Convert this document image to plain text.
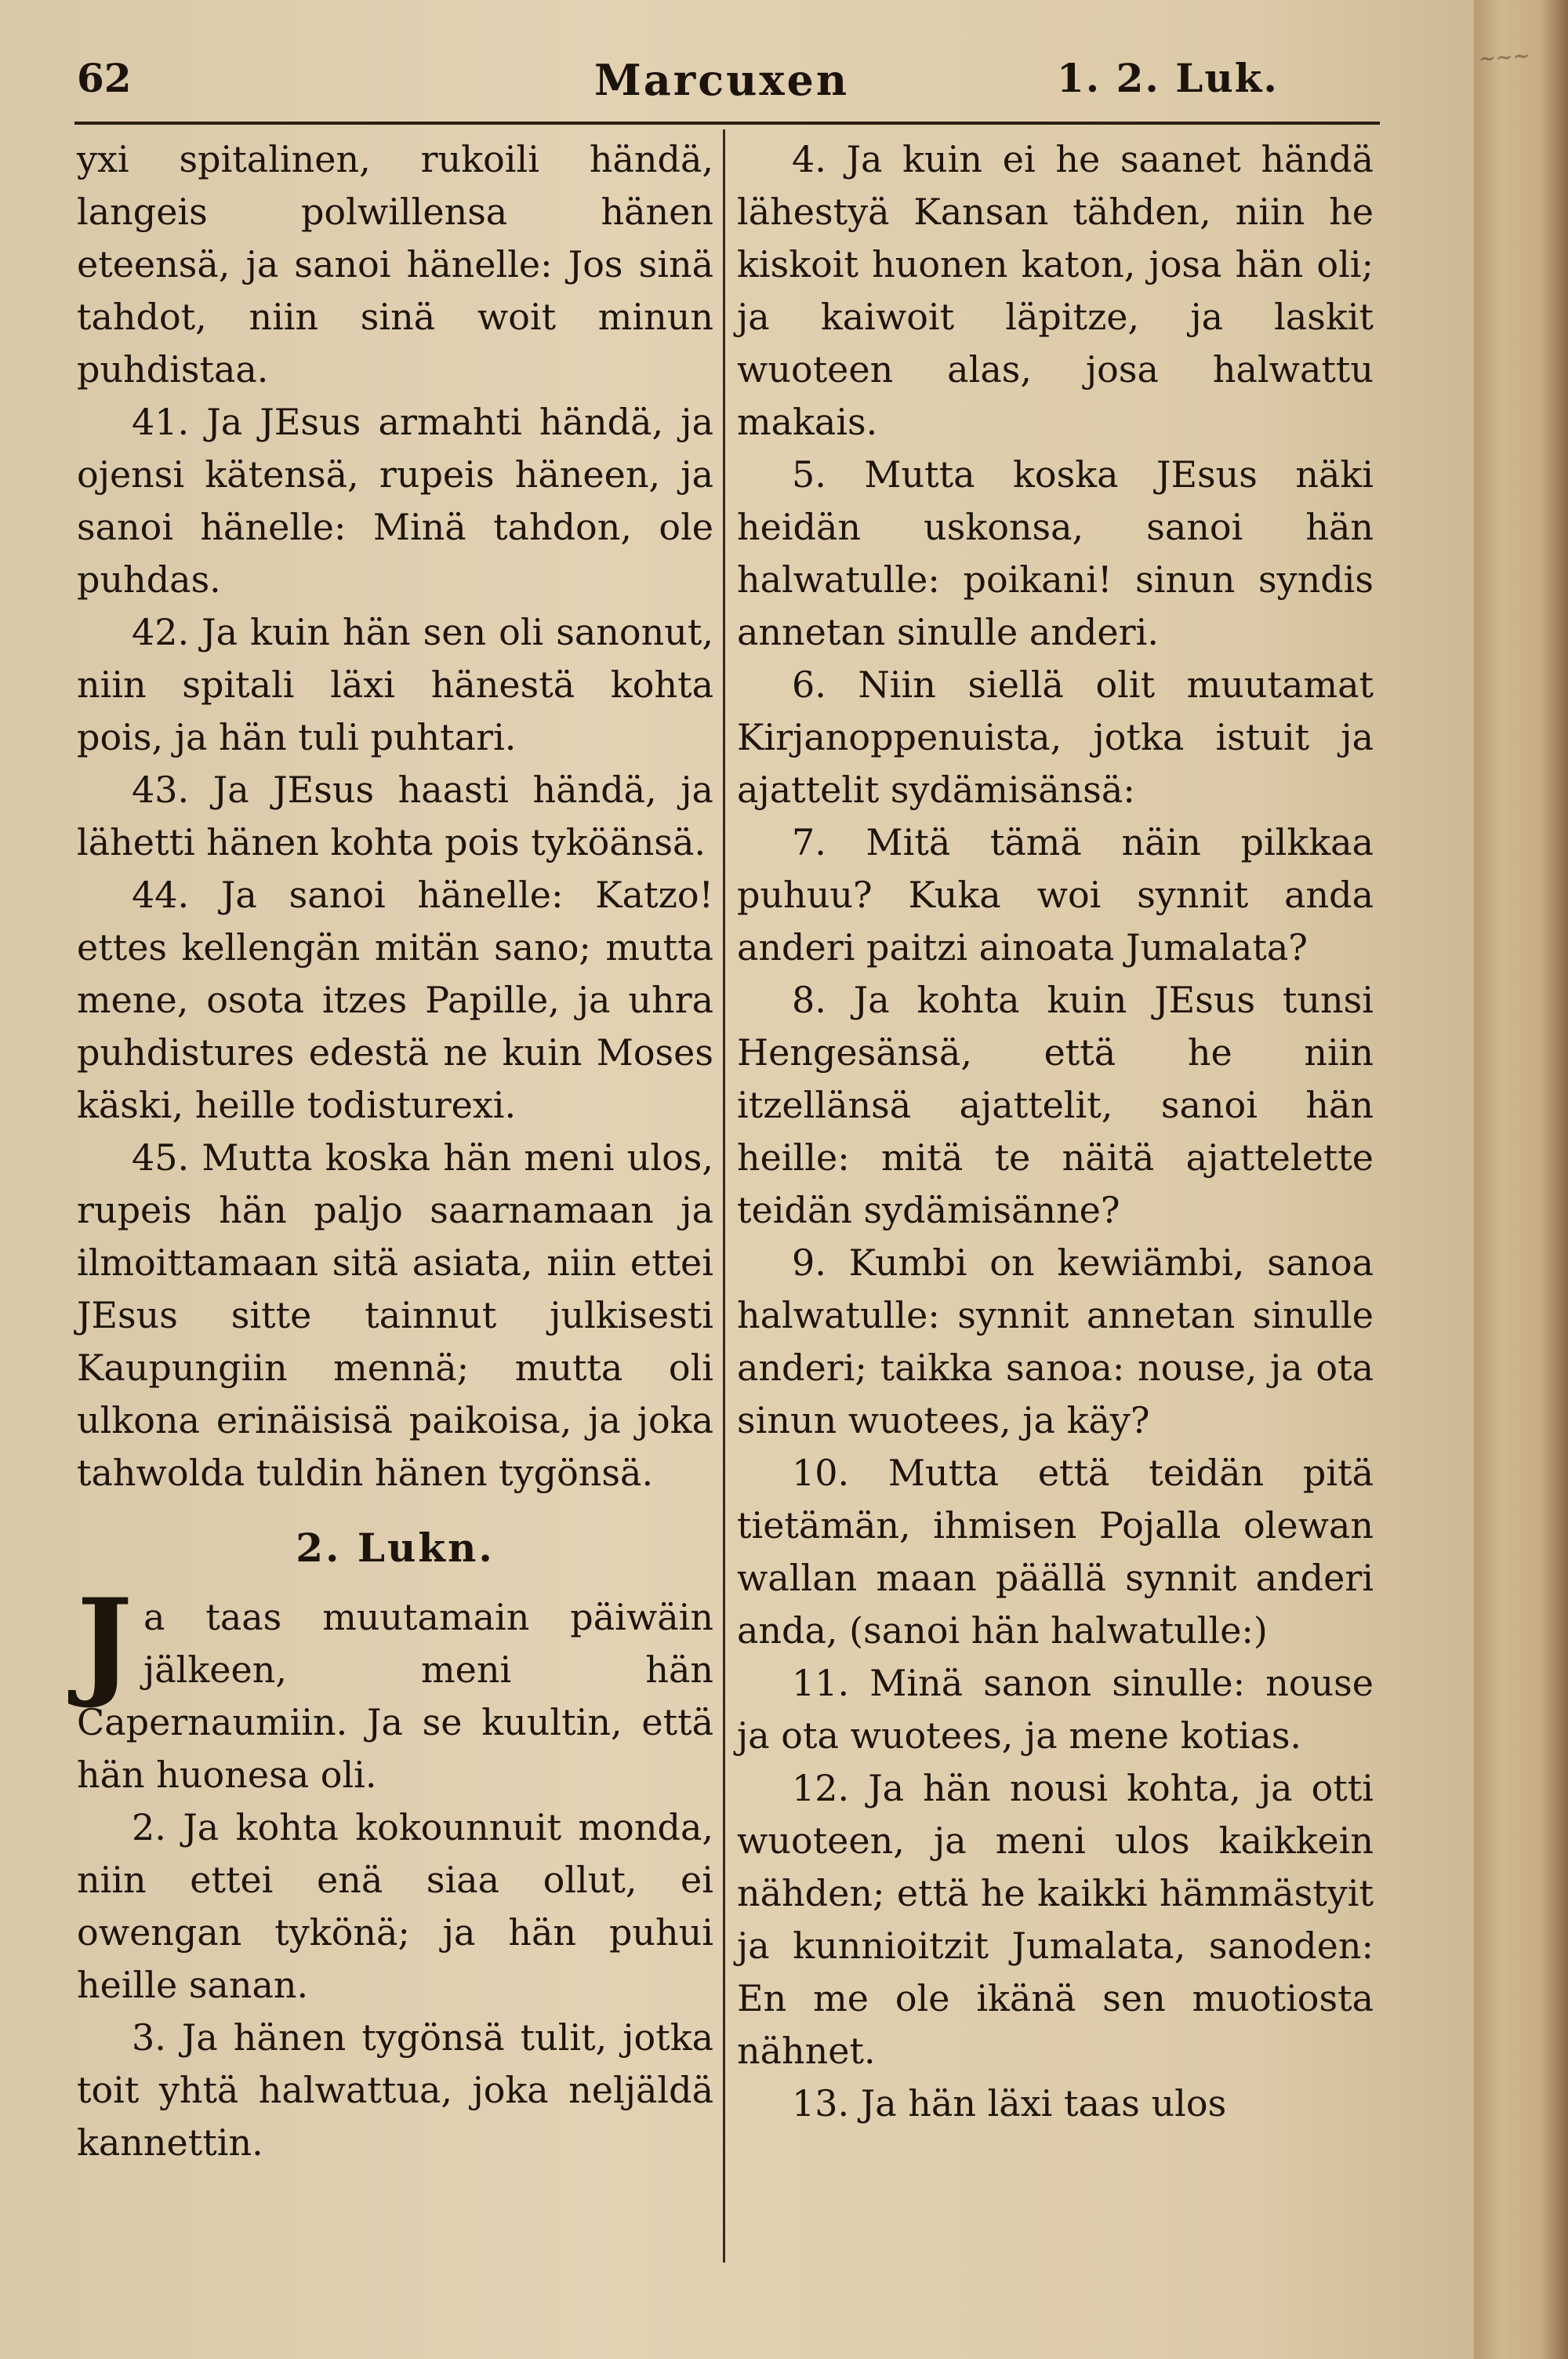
62	Marcuxen	1. 2. Luk.

yxi spitalinen, rukoili händä, langeis polwillensa hänen eteensä, ja sanoi hänelle: Jos sinä tahdot, niin sinä woit minun puhdistaa.

41. Ja JEsus armahti händä, ja ojensi kätensä, rupeis häneen, ja sanoi hänelle: Minä tahdon, ole puhdas.

42. Ja kuin hän sen oli sanonut, niin spitali läxi hänestä kohta pois, ja hän tuli puhtari.

43. Ja JEsus haasti händä, ja lähetti hänen kohta pois tyköänsä.

44. Ja sanoi hänelle: Katzo! ettes kellengän mitän sano; mutta mene, osota itzes Papille, ja uhra puhdistures edestä ne kuin Moses käski, heille todisturexi.

45. Mutta koska hän meni ulos, rupeis hän paljo saarnamaan ja ilmoittamaan sitä asiata, niin ettei JEsus sitte tainnut julkisesti Kaupungiin mennä; mutta oli ulkona erinäisisä paikoisa, ja joka tahwolda tuldin hänen tygönsä.

2. Lukn.

Ja taas muutamain päiwäin jälkeen, meni hän Capernaumiin. Ja se kuultin, että hän huonesa oli.

2. Ja kohta kokounnuit monda, niin ettei enä siaa ollut, ei owengan tykönä; ja hän puhui heille sanan.

3. Ja hänen tygönsä tulit, jotka toit yhtä halwattua, joka neljäldä kannettin.

4. Ja kuin ei he saanet händä lähestyä Kansan tähden, niin he kiskoit huonen katon, josa hän oli; ja kaiwoit läpitze, ja laskit wuoteen alas, josa halwattu makais.

5. Mutta koska JEsus näki heidän uskonsa, sanoi hän halwatulle: poikani! sinun syndis annetan sinulle anderi.

6. Niin siellä olit muutamat Kirjanoppenuista, jotka istuit ja ajattelit sydämisänsä:

7. Mitä tämä näin pilkkaa puhuu? Kuka woi synnit anda anderi paitzi ainoata Jumalata?

8. Ja kohta kuin JEsus tunsi Hengesänsä, että he niin itzellänsä ajattelit, sanoi hän heille: mitä te näitä ajattelette teidän sydämisänne?

9. Kumbi on kewiämbi, sanoa halwatulle: synnit annetan sinulle anderi; taikka sanoa: nouse, ja ota sinun wuotees, ja käy?

10. Mutta että teidän pitä tietämän, ihmisen Pojalla olewan wallan maan päällä synnit anderi anda, (sanoi hän halwatulle:)

11. Minä sanon sinulle: nouse ja ota wuotees, ja mene kotias.

12. Ja hän nousi kohta, ja otti wuoteen, ja meni ulos kaikkein nähden; että he kaikki hämmästyit ja kunnioitzit Jumalata, sanoden: En me ole ikänä sen muotiosta nähnet.

13. Ja hän läxi taas ulos

~~~
